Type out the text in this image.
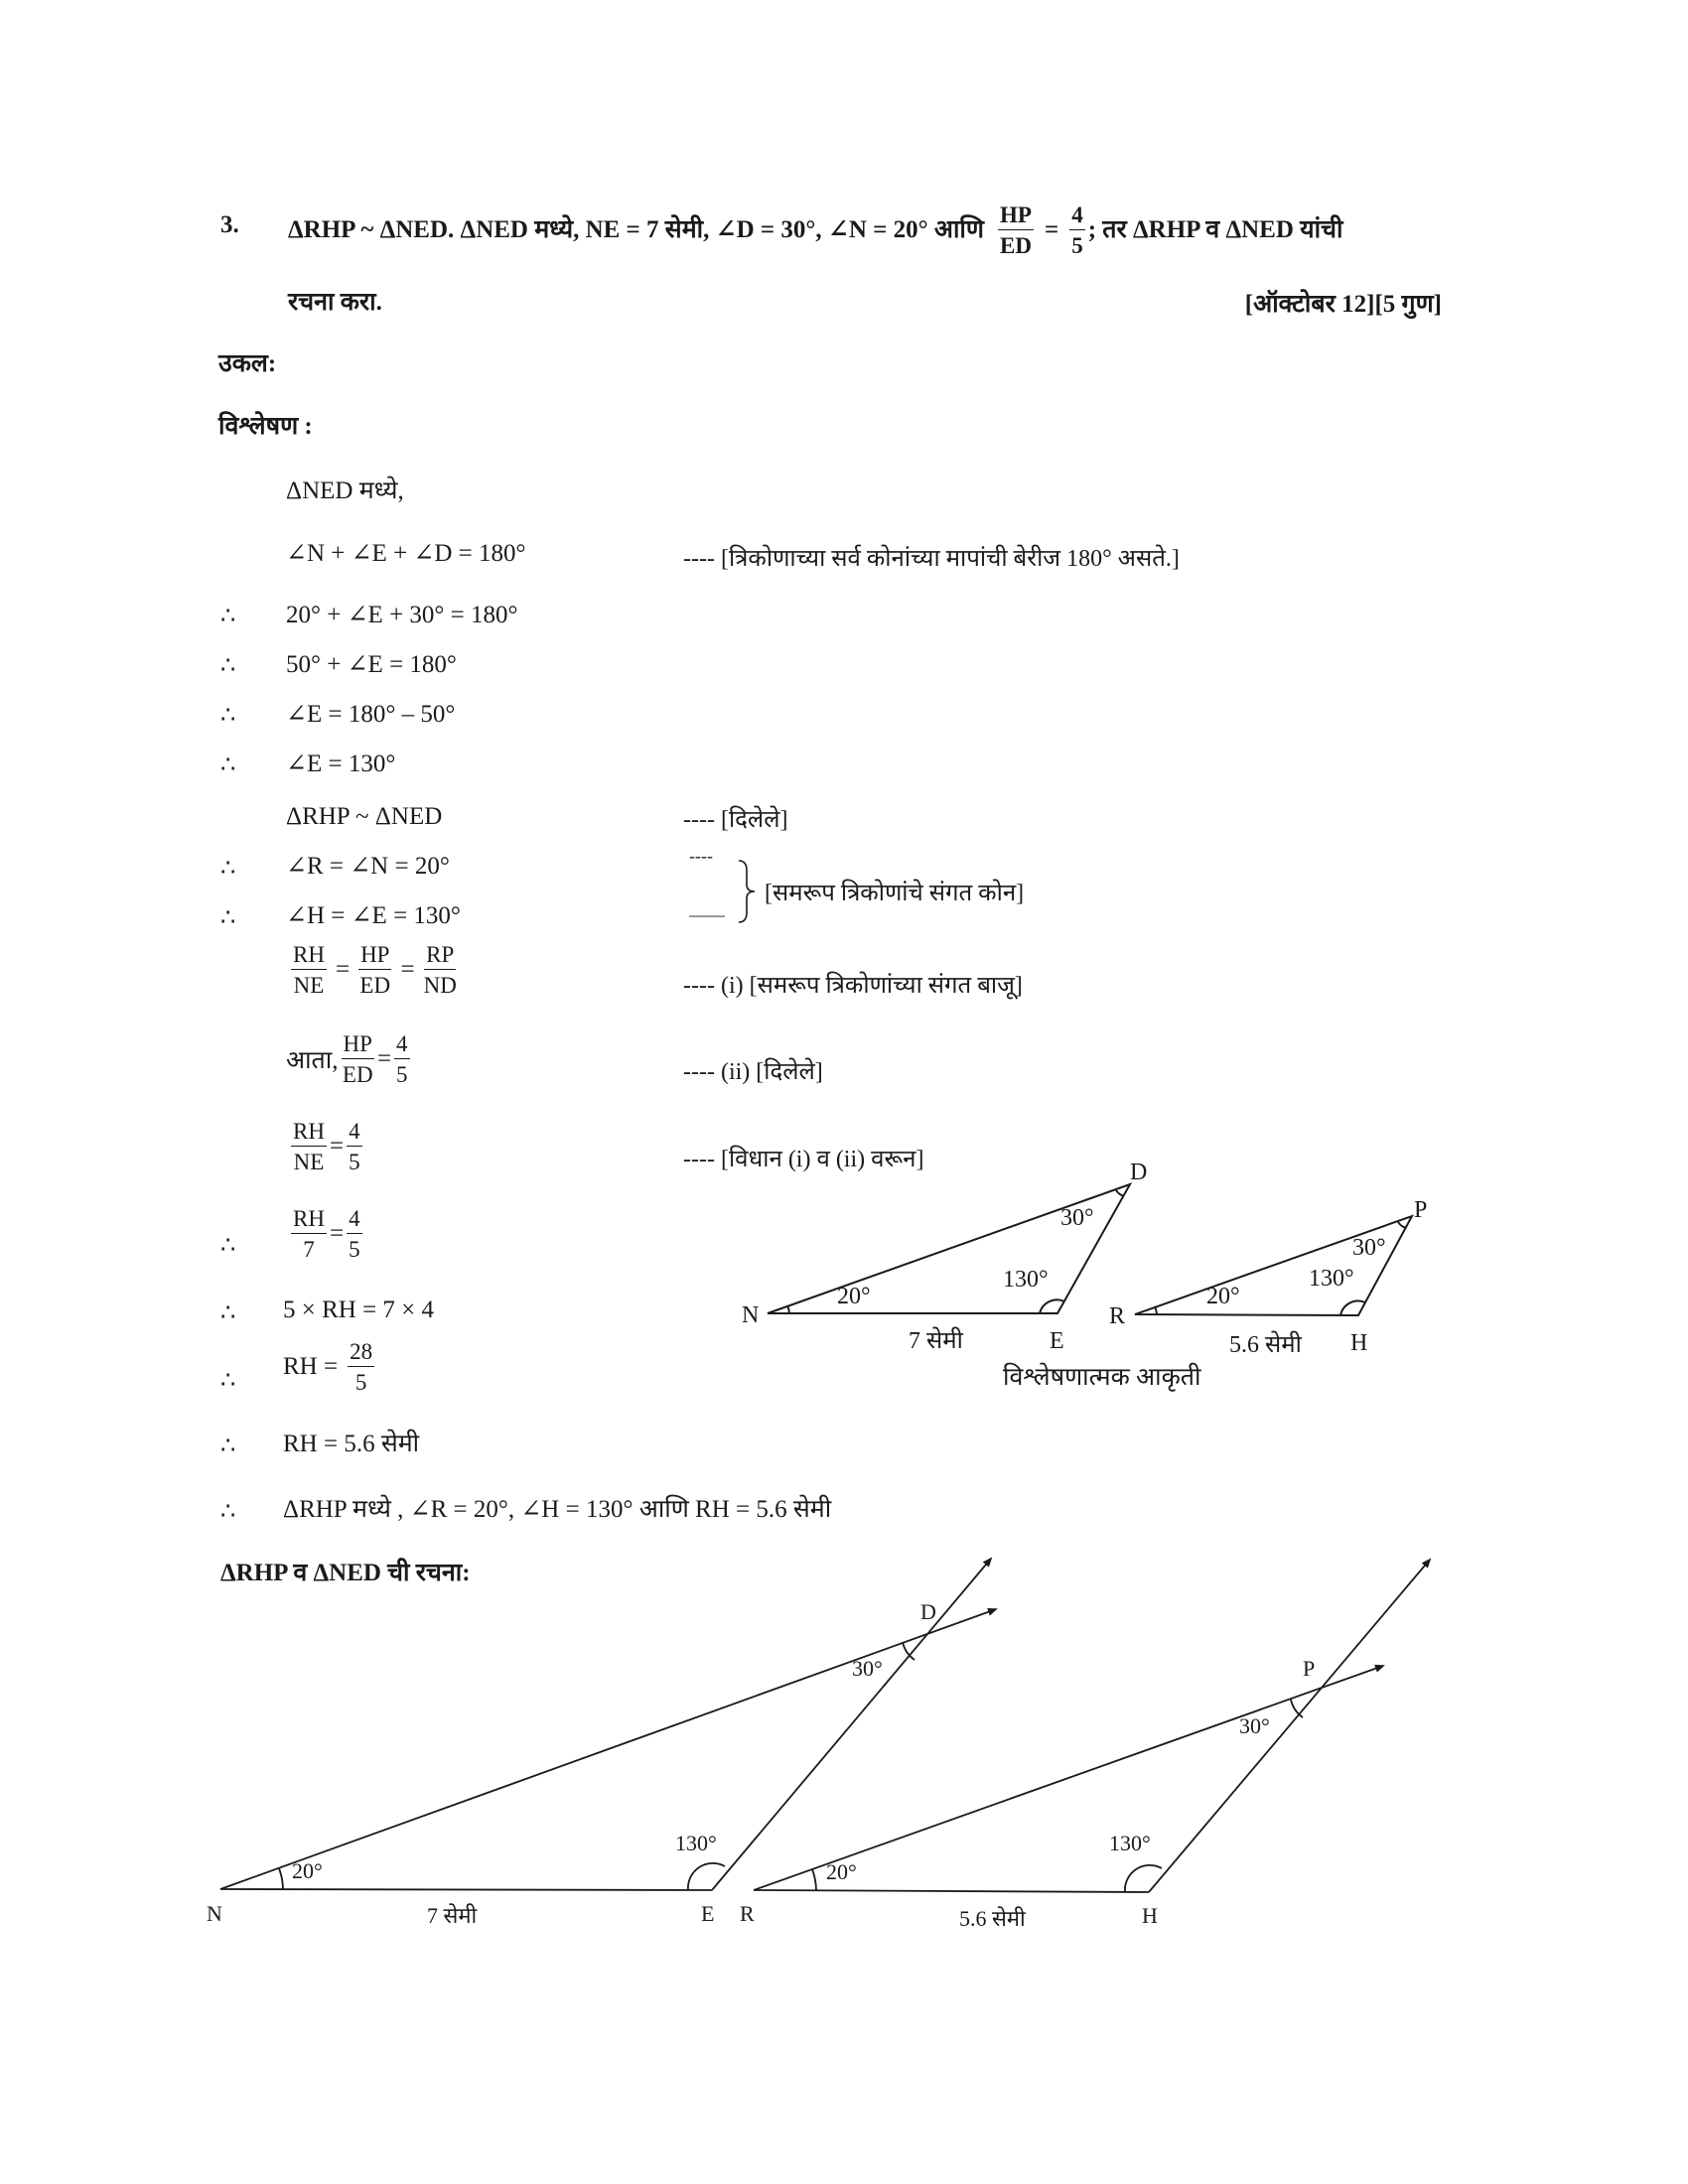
3. ΔRHP ~ ΔNED. ΔNED मध्ये, NE = 7 सेमी, ∠D = 30°, ∠N = 20° आणि $\frac{HP}{ED} = \frac{4}{5}$ ; तर ΔRHP व ΔNED यांची
रचना करा.	[ऑक्टोबर 12][5 गुण]
उकल:
विश्लेषण :
ΔNED मध्ये,
∠N + ∠E + ∠D = 180°	---- [त्रिकोणाच्या सर्व कोनांच्या मापांची बेरीज 180° असते.]
∴ 20° + ∠E + 30° = 180°
∴ 50° + ∠E = 180°
∴ ∠E = 180° – 50°
∴ ∠E = 130°
ΔRHP ~ ΔNED	---- [दिलेले]
∴ ∠R = ∠N = 20°
∴ ∠H = ∠E = 130°
----
____
[समरूप त्रिकोणांचे संगत कोन]
$\frac{RH}{NE} = \frac{HP}{ED} = \frac{RP}{ND}$	---- (i) [समरूप त्रिकोणांच्या संगत बाजू]
आता, $\frac{HP}{ED} = \frac{4}{5}$	---- (ii) [दिलेले]
$\frac{RH}{NE} = \frac{4}{5}$	---- [विधान (i) व (ii) वरून]
∴ $\frac{RH}{7} = \frac{4}{5}$
∴ 5 × RH = 7 × 4
∴
RH = $\frac{28}{5}$
∴ RH = 5.6 सेमी
∴ ΔRHP मध्ये , ∠R = 20°, ∠H = 130° आणि RH = 5.6 सेमी
N
E
D
20°
130°
30°
7 सेमी
R
H
P
20°
130°
30°
5.6 सेमी
विश्लेषणात्मक आकृती
ΔRHP व ΔNED ची रचना:
N	E
D
20°
130°
30°
7 सेमी	R	H
P
20°
130°
30°
5.6 सेमी
